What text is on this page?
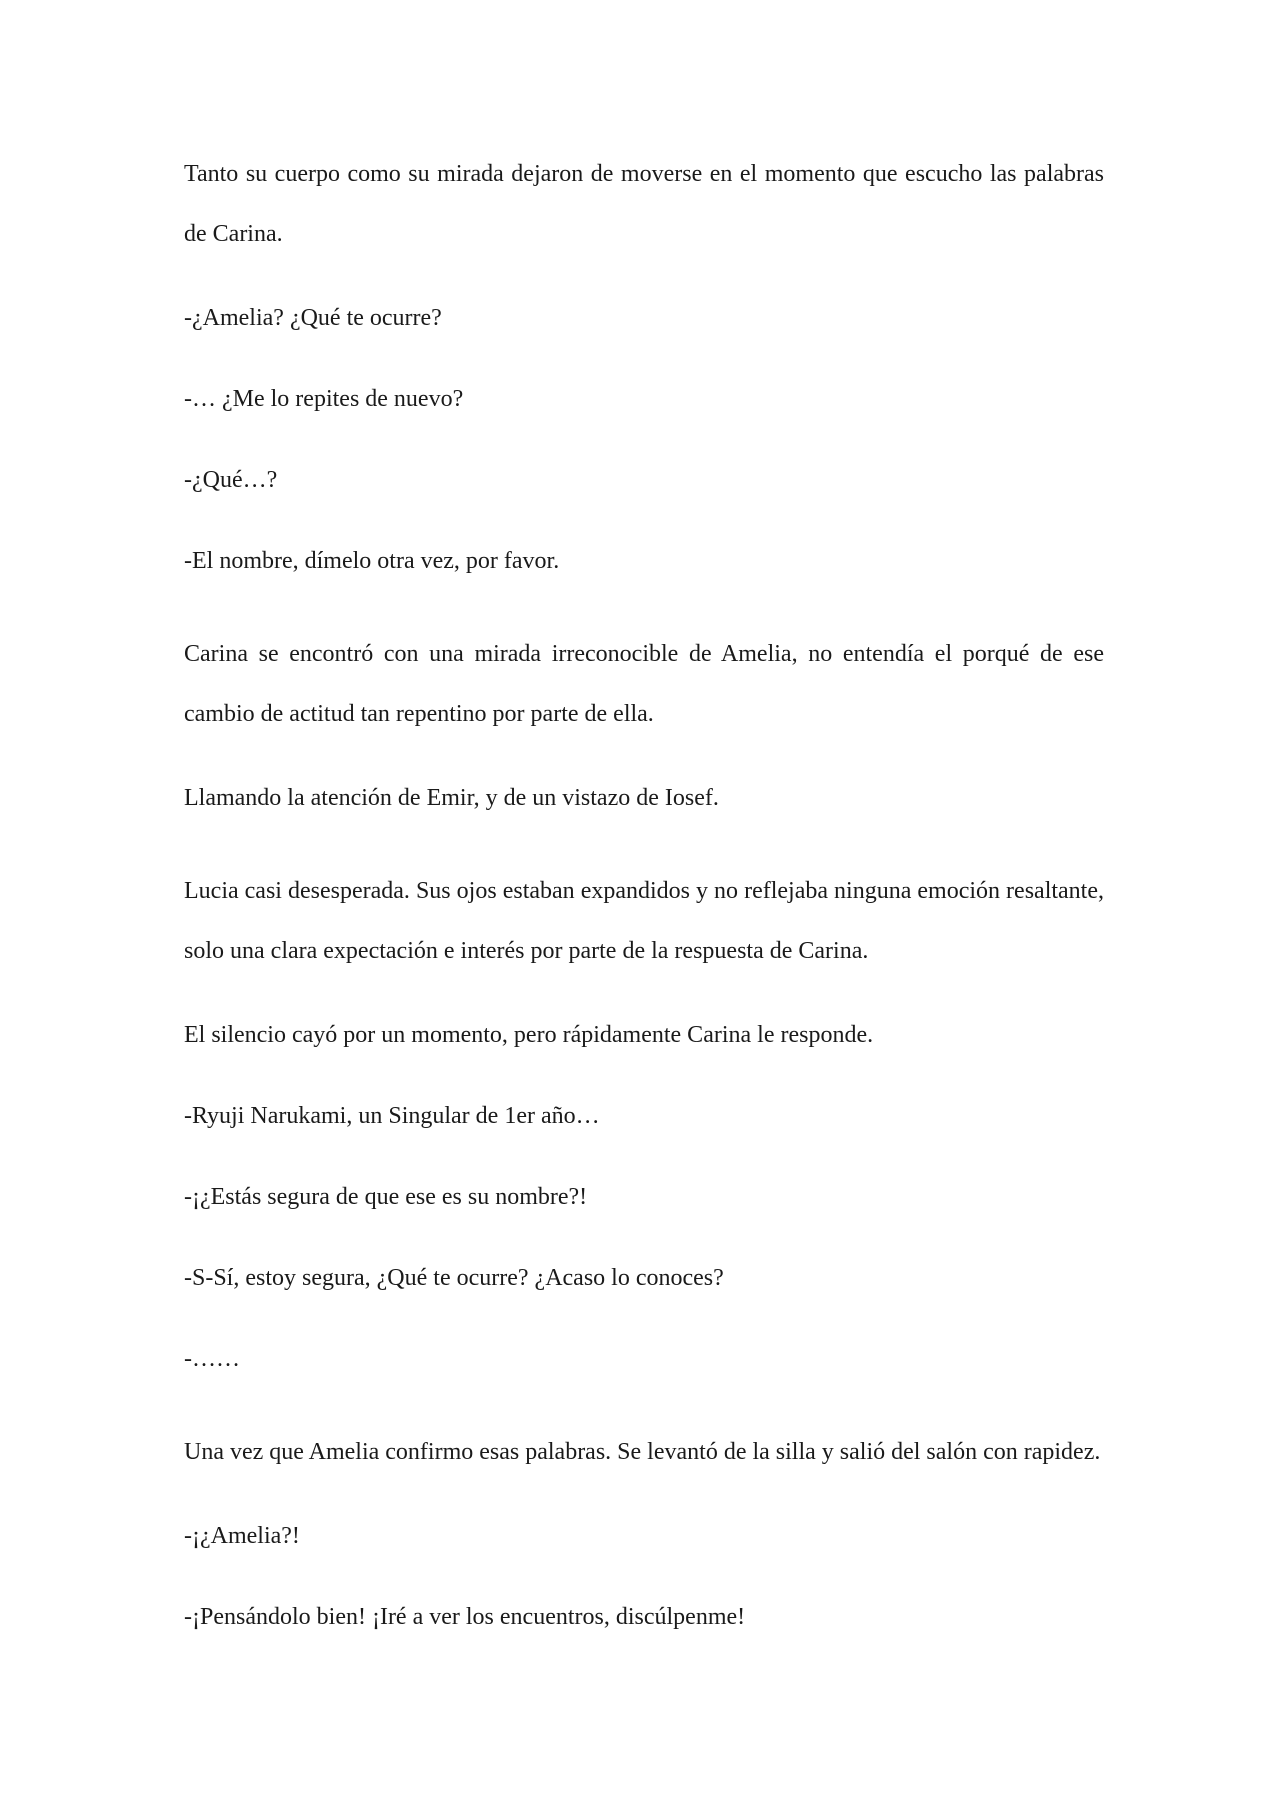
Tanto su cuerpo como su mirada dejaron de moverse en el momento que escucho las palabras de Carina.

-¿Amelia? ¿Qué te ocurre?

-… ¿Me lo repites de nuevo?

-¿Qué…?

-El nombre, dímelo otra vez, por favor.

Carina se encontró con una mirada irreconocible de Amelia, no entendía el porqué de ese cambio de actitud tan repentino por parte de ella.

Llamando la atención de Emir, y de un vistazo de Iosef.

Lucia casi desesperada. Sus ojos estaban expandidos y no reflejaba ninguna emoción resaltante, solo una clara expectación e interés por parte de la respuesta de Carina.

El silencio cayó por un momento, pero rápidamente Carina le responde.

-Ryuji Narukami, un Singular de 1er año…

-¡¿Estás segura de que ese es su nombre?!

-S-Sí, estoy segura, ¿Qué te ocurre? ¿Acaso lo conoces?

-……

Una vez que Amelia confirmo esas palabras. Se levantó de la silla y salió del salón con rapidez.

-¡¿Amelia?!

-¡Pensándolo bien! ¡Iré a ver los encuentros, discúlpenme!
